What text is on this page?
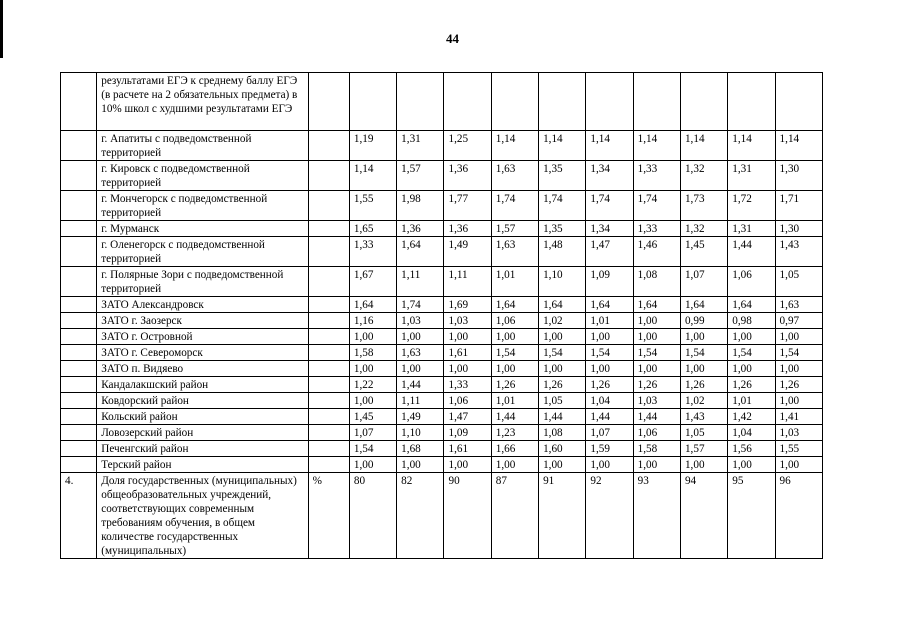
44
	результатами ЕГЭ к среднему баллу ЕГЭ (в расчете на 2 обязательных предмета) в 10% школ с худшими результатами ЕГЭ											
	г. Апатиты с подведомственной территорией		1,19	1,31	1,25	1,14	1,14	1,14	1,14	1,14	1,14	1,14
	г. Кировск с подведомственной территорией		1,14	1,57	1,36	1,63	1,35	1,34	1,33	1,32	1,31	1,30
	г. Мончегорск с подведомственной территорией		1,55	1,98	1,77	1,74	1,74	1,74	1,74	1,73	1,72	1,71
	г. Мурманск		1,65	1,36	1,36	1,57	1,35	1,34	1,33	1,32	1,31	1,30
	г. Оленегорск с подведомственной территорией		1,33	1,64	1,49	1,63	1,48	1,47	1,46	1,45	1,44	1,43
	г. Полярные Зори с подведомственной территорией		1,67	1,11	1,11	1,01	1,10	1,09	1,08	1,07	1,06	1,05
	ЗАТО Александровск		1,64	1,74	1,69	1,64	1,64	1,64	1,64	1,64	1,64	1,63
	ЗАТО г. Заозерск		1,16	1,03	1,03	1,06	1,02	1,01	1,00	0,99	0,98	0,97
	ЗАТО г. Островной		1,00	1,00	1,00	1,00	1,00	1,00	1,00	1,00	1,00	1,00
	ЗАТО г. Североморск		1,58	1,63	1,61	1,54	1,54	1,54	1,54	1,54	1,54	1,54
	ЗАТО п. Видяево		1,00	1,00	1,00	1,00	1,00	1,00	1,00	1,00	1,00	1,00
	Кандалакшский район		1,22	1,44	1,33	1,26	1,26	1,26	1,26	1,26	1,26	1,26
	Ковдорский район		1,00	1,11	1,06	1,01	1,05	1,04	1,03	1,02	1,01	1,00
	Кольский район		1,45	1,49	1,47	1,44	1,44	1,44	1,44	1,43	1,42	1,41
	Ловозерский район		1,07	1,10	1,09	1,23	1,08	1,07	1,06	1,05	1,04	1,03
	Печенгский район		1,54	1,68	1,61	1,66	1,60	1,59	1,58	1,57	1,56	1,55
	Терский район		1,00	1,00	1,00	1,00	1,00	1,00	1,00	1,00	1,00	1,00
4.	Доля государственных (муниципальных) общеобразовательных учреждений, соответствующих современным требованиям обучения, в общем количестве государственных (муниципальных)	%	80	82	90	87	91	92	93	94	95	96
